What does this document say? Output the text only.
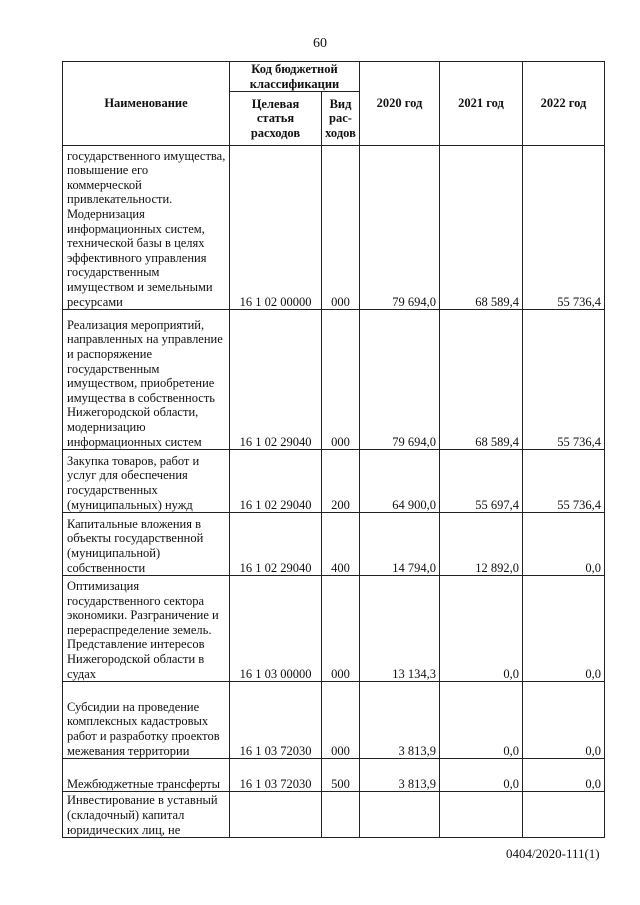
60
Наименование	Код бюджетной классификации		2020 год	2021 год	2022 год
	Целевая статья расходов	Вид рас-ходов			
государственного имущества, повышение его коммерческой привлекательности. Модернизация информационных систем, технической базы в целях эффективного управления государственным имуществом и земельными ресурсами	16 1 02 00000	000	79 694,0	68 589,4	55 736,4
Реализация мероприятий, направленных на управление и распоряжение государственным имуществом, приобретение имущества в собственность Нижегородской области, модернизацию информационных систем	16 1 02 29040	000	79 694,0	68 589,4	55 736,4
Закупка товаров, работ и услуг для обеспечения государственных (муниципальных) нужд	16 1 02 29040	200	64 900,0	55 697,4	55 736,4
Капитальные вложения в объекты государственной (муниципальной) собственности	16 1 02 29040	400	14 794,0	12 892,0	0,0
Оптимизация государственного сектора экономики. Разграничение и перераспределение земель. Представление интересов Нижегородской области в судах	16 1 03 00000	000	13 134,3	0,0	0,0
Субсидии на проведение комплексных кадастровых работ и разработку проектов межевания территории	16 1 03 72030	000	3 813,9	0,0	0,0
Межбюджетные трансферты	16 1 03 72030	500	3 813,9	0,0	0,0
Инвестирование в уставный (складочный) капитал юридических лиц, не					
0404/2020-111(1)
